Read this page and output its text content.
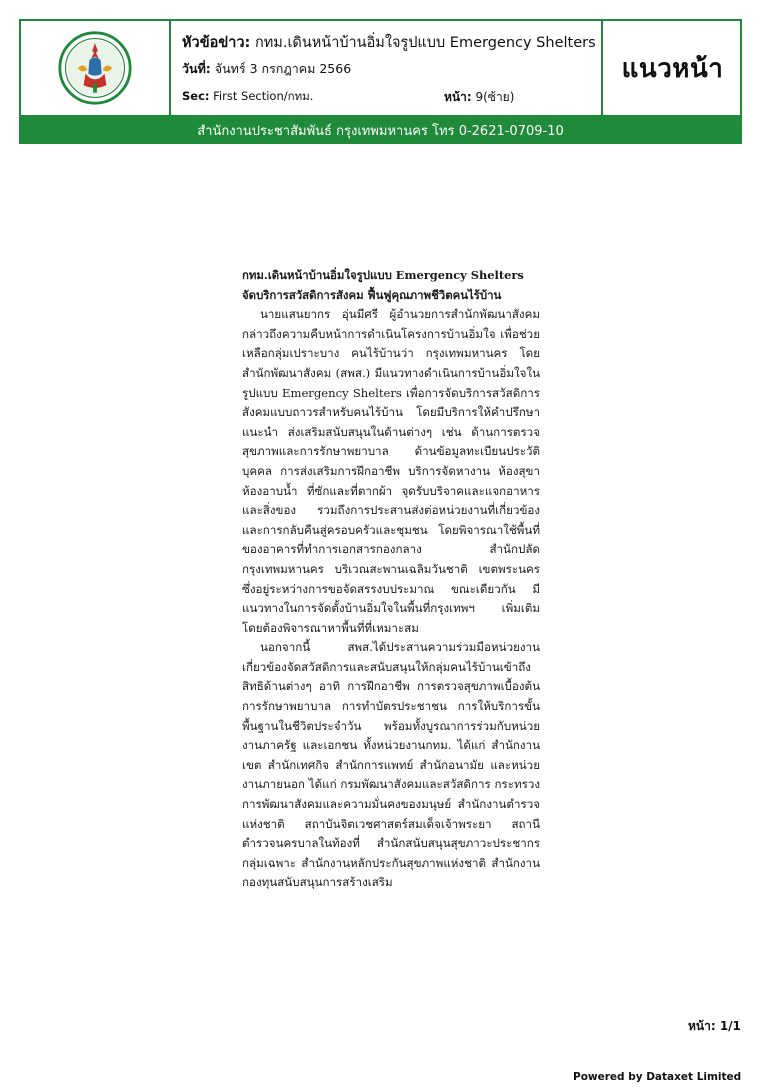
หัวข้อข่าว: กทม.เดินหน้าบ้านอิ่มใจรูปแบบ Emergency Shelters
วันที่: จันทร์ 3 กรกฎาคม 2566
Sec: First Section/กทม.	หน้า: 9(ซ้าย)
แนวหน้า
สำนักงานประชาสัมพันธ์ กรุงเทพมหานคร โทร 0-2621-0709-10
กทม.เดินหน้าบ้านอิ่มใจรูปแบบ Emergency Shelters
จัดบริการสวัสดิการสังคม ฟื้นฟูคุณภาพชีวิตคนไร้บ้าน

นายแสนยากร อุ่นมีศรี ผู้อำนวยการสำนักพัฒนาสังคม กล่าวถึงความคืบหน้าการดำเนินโครงการบ้านอิ่มใจ เพื่อช่วยเหลือกลุ่มเปราะบาง คนไร้บ้านว่า กรุงเทพมหานคร โดยสำนักพัฒนาสังคม (สพส.) มีแนวทางดำเนินการบ้านอิ่มใจในรูปแบบ Emergency Shelters เพื่อการจัดบริการสวัสดิการสังคมแบบถาวรสำหรับคนไร้บ้าน โดยมีบริการให้คำปรึกษา แนะนำ ส่งเสริมสนับสนุนในด้านต่างๆ เช่น ด้านการตรวจสุขภาพและการรักษาพยาบาล ด้านข้อมูลทะเบียนประวัติบุคคล การส่งเสริมการฝึกอาชีพ บริการจัดหางาน ห้องสุขา ห้องอาบน้ำ ที่ซักและที่ตากผ้า จุดรับบริจาคและแจกอาหารและสิ่งของ รวมถึงการประสานส่งต่อหน่วยงานที่เกี่ยวข้อง และการกลับคืนสู่ครอบครัวและชุมชน โดยพิจารณาใช้พื้นที่ของอาคารที่ทำการเอกสารกองกลาง สำนักปลัดกรุงเทพมหานคร บริเวณสะพานเฉลิมวันชาติ เขตพระนคร ซึ่งอยู่ระหว่างการขอจัดสรรงบประมาณ ขณะเดียวกัน มีแนวทางในการจัดตั้งบ้านอิ่มใจในพื้นที่กรุงเทพฯ เพิ่มเติม โดยต้องพิจารณาหาพื้นที่ที่เหมาะสม

นอกจากนี้ สพส.ได้ประสานความร่วมมือหน่วยงานเกี่ยวข้องจัดสวัสดิการและสนับสนุนให้กลุ่มคนไร้บ้านเข้าถึงสิทธิด้านต่างๆ อาทิ การฝึกอาชีพ การตรวจสุขภาพเบื้องต้น การรักษาพยาบาล การทำบัตรประชาชน การให้บริการขั้นพื้นฐานในชีวิตประจำวัน พร้อมทั้งบูรณาการร่วมกับหน่วยงานภาครัฐ และเอกชน ทั้งหน่วยงานกทม. ได้แก่ สำนักงานเขต สำนักเทศกิจ สำนักการแพทย์ สำนักอนามัย และหน่วยงานภายนอก ได้แก่ กรมพัฒนาสังคมและสวัสดิการ กระทรวงการพัฒนาสังคมและความมั่นคงของมนุษย์ สำนักงานตำรวจแห่งชาติ สถาบันจิตเวชศาสตร์สมเด็จเจ้าพระยา สถานีตำรวจนครบาลในท้องที่ สำนักสนับสนุนสุขภาวะประชากรกลุ่มเฉพาะ สำนักงานหลักประกันสุขภาพแห่งชาติ สำนักงานกองทุนสนับสนุนการสร้างเสริม

หน้า: 1/1
Powered by Dataxet Limited
